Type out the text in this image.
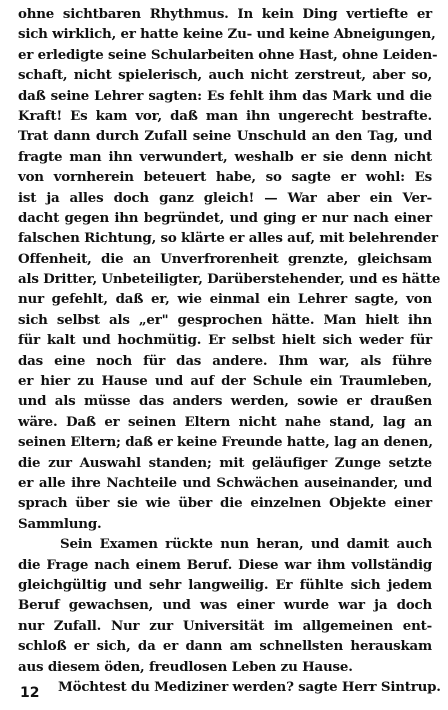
ohne sichtbaren Rhythmus. In kein Ding vertiefte er
sich wirklich, er hatte keine Zu- und keine Abneigungen,
er erledigte seine Schularbeiten ohne Hast, ohne Leiden-
schaft, nicht spielerisch, auch nicht zerstreut, aber so,
daß seine Lehrer sagten: Es fehlt ihm das Mark und die
Kraft! Es kam vor, daß man ihn ungerecht bestrafte.
Trat dann durch Zufall seine Unschuld an den Tag, und
fragte man ihn verwundert, weshalb er sie denn nicht
von vornherein beteuert habe, so sagte er wohl: Es
ist ja alles doch ganz gleich! — War aber ein Ver-
dacht gegen ihn begründet, und ging er nur nach einer
falschen Richtung, so klärte er alles auf, mit belehrender
Offenheit, die an Unverfrorenheit grenzte, gleichsam
als Dritter, Unbeteiligter, Darüberstehender, und es hätte
nur gefehlt, daß er, wie einmal ein Lehrer sagte, von
sich selbst als „er" gesprochen hätte. Man hielt ihn
für kalt und hochmütig. Er selbst hielt sich weder für
das eine noch für das andere. Ihm war, als führe
er hier zu Hause und auf der Schule ein Traumleben,
und als müsse das anders werden, sowie er draußen
wäre. Daß er seinen Eltern nicht nahe stand, lag an
seinen Eltern; daß er keine Freunde hatte, lag an denen,
die zur Auswahl standen; mit geläufiger Zunge setzte
er alle ihre Nachteile und Schwächen auseinander, und
sprach über sie wie über die einzelnen Objekte einer
Sammlung.
Sein Examen rückte nun heran, und damit auch
die Frage nach einem Beruf. Diese war ihm vollständig
gleichgültig und sehr langweilig. Er fühlte sich jedem
Beruf gewachsen, und was einer wurde war ja doch
nur Zufall. Nur zur Universität im allgemeinen ent-
schloß er sich, da er dann am schnellsten herauskam
aus diesem öden, freudlosen Leben zu Hause.
Möchtest du Mediziner werden? sagte Herr Sintrup.
12
